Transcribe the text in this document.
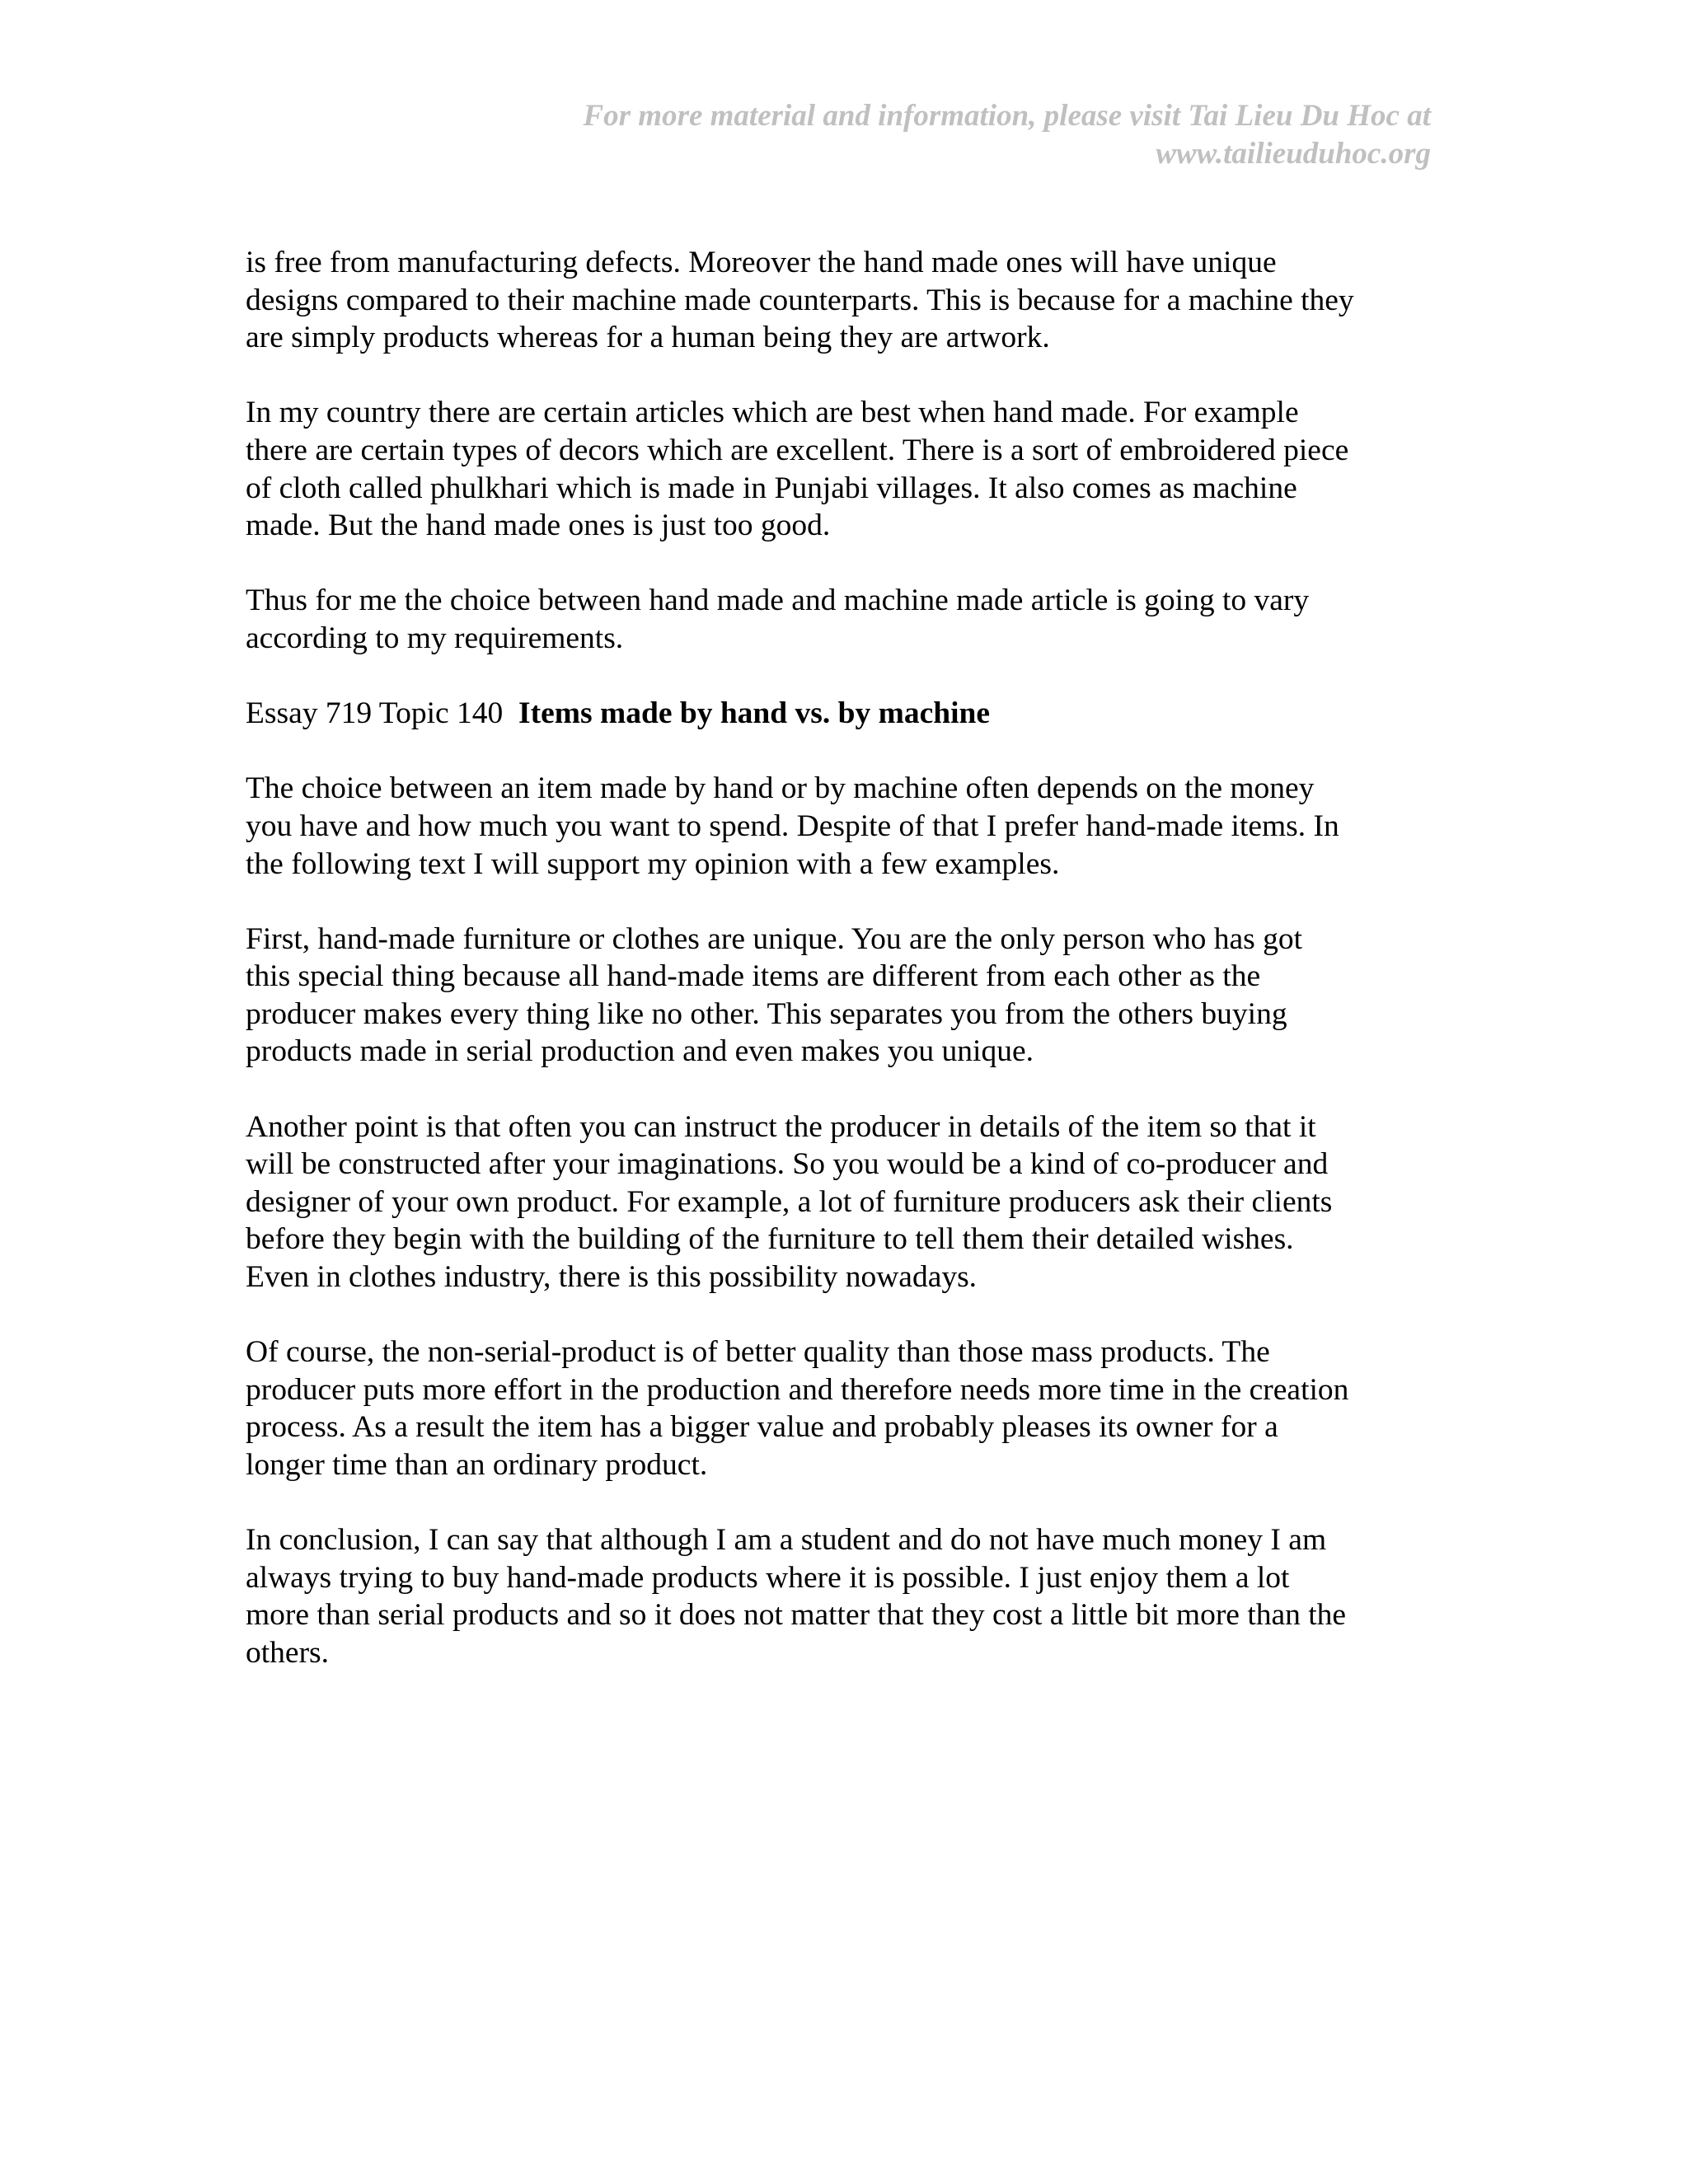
For more material and information, please visit Tai Lieu Du Hoc at
www.tailieuduhoc.org
is free from manufacturing defects. Moreover the hand made ones will have unique
designs compared to their machine made counterparts. This is because for a machine they
are simply products whereas for a human being they are artwork.
In my country there are certain articles which are best when hand made. For example
there are certain types of decors which are excellent. There is a sort of embroidered piece
of cloth called phulkhari which is made in Punjabi villages. It also comes as machine
made. But the hand made ones is just too good.
Thus for me the choice between hand made and machine made article is going to vary
according to my requirements.
Essay 719 Topic 140 Items made by hand vs. by machine
The choice between an item made by hand or by machine often depends on the money
you have and how much you want to spend. Despite of that I prefer hand-made items. In
the following text I will support my opinion with a few examples.
First, hand-made furniture or clothes are unique. You are the only person who has got
this special thing because all hand-made items are different from each other as the
producer makes every thing like no other. This separates you from the others buying
products made in serial production and even makes you unique.
Another point is that often you can instruct the producer in details of the item so that it
will be constructed after your imaginations. So you would be a kind of co-producer and
designer of your own product. For example, a lot of furniture producers ask their clients
before they begin with the building of the furniture to tell them their detailed wishes.
Even in clothes industry, there is this possibility nowadays.
Of course, the non-serial-product is of better quality than those mass products. The
producer puts more effort in the production and therefore needs more time in the creation
process. As a result the item has a bigger value and probably pleases its owner for a
longer time than an ordinary product.
In conclusion, I can say that although I am a student and do not have much money I am
always trying to buy hand-made products where it is possible. I just enjoy them a lot
more than serial products and so it does not matter that they cost a little bit more than the
others.
